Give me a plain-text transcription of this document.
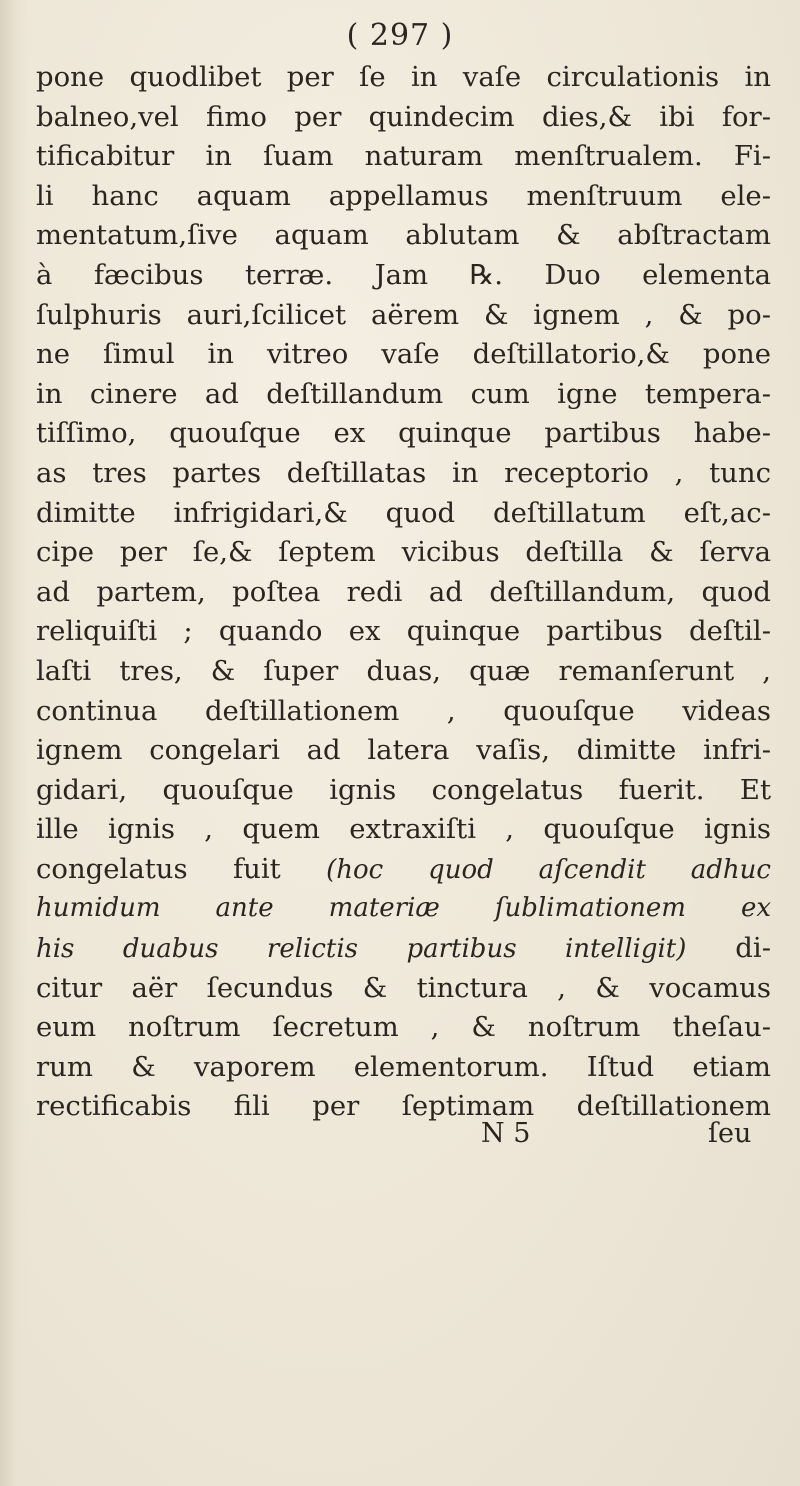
( 297 )
pone quodlibet per ſe in vaſe circulationis in
balneo,vel fimo per quindecim dies,& ibi for-
tificabitur in ſuam naturam menſtrualem. Fi-
li hanc aquam appellamus menſtruum ele-
mentatum,ſive aquam ablutam & abſtractam
à fæcibus terræ. Jam ℞. Duo elementa
ſulphuris auri,ſcilicet aërem & ignem , & po-
ne ſimul in vitreo vaſe deſtillatorio,& pone
in cinere ad deſtillandum cum igne tempera-
tiſſimo, quouſque ex quinque partibus habe-
as tres partes deſtillatas in receptorio , tunc
dimitte infrigidari,& quod deſtillatum eſt,ac-
cipe per ſe,& ſeptem vicibus deſtilla & ſerva
ad partem, poſtea redi ad deſtillandum, quod
reliquiſti ; quando ex quinque partibus deſtil-
laſti tres, & ſuper duas, quæ remanſerunt ,
continua deſtillationem , quouſque videas
ignem congelari ad latera vaſis, dimitte infri-
gidari, quouſque ignis congelatus fuerit. Et
ille ignis , quem extraxiſti , quouſque ignis
congelatus fuit (hoc quod aſcendit adhuc
humidum ante materiæ ſublimationem ex
his duabus relictis partibus intelligit) di-
citur aër ſecundus & tinctura , & vocamus
eum noſtrum ſecretum , & noſtrum theſau-
rum & vaporem elementorum. Iſtud etiam
rectificabis fili per ſeptimam deſtillationem
N 5	ſeu
